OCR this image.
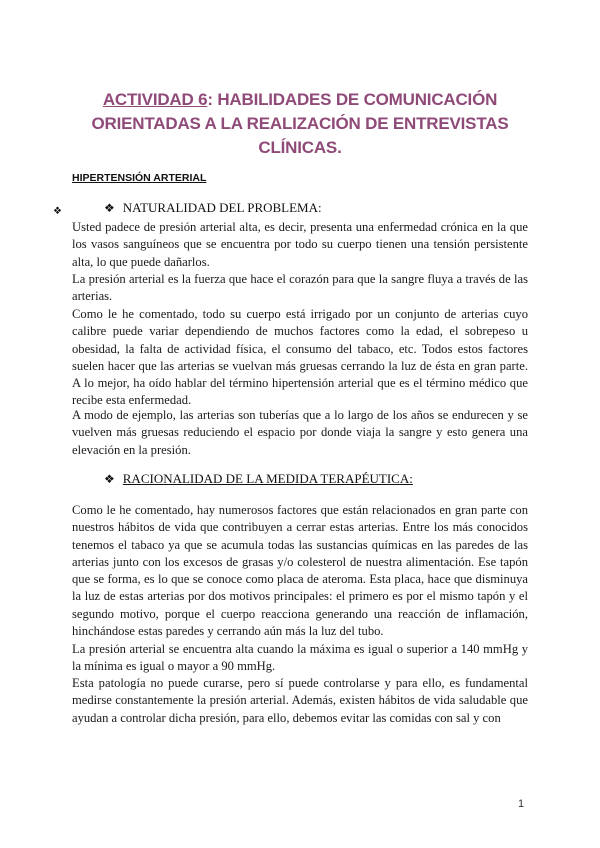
ACTIVIDAD 6: HABILIDADES DE COMUNICACIÓN ORIENTADAS A LA REALIZACIÓN DE ENTREVISTAS CLÍNICAS.
HIPERTENSIÓN ARTERIAL
❖	❖ NATURALIDAD DEL PROBLEMA:

Usted padece de presión arterial alta, es decir, presenta una enfermedad crónica en la que los vasos sanguíneos que se encuentra por todo su cuerpo tienen una tensión persistente alta, lo que puede dañarlos.

La presión arterial es la fuerza que hace el corazón para que la sangre fluya a través de las arterias.

Como le he comentado, todo su cuerpo está irrigado por un conjunto de arterias cuyo calibre puede variar dependiendo de muchos factores como la edad, el sobrepeso u obesidad, la falta de actividad física, el consumo del tabaco, etc. Todos estos factores suelen hacer que las arterias se vuelvan más gruesas cerrando la luz de ésta en gran parte. A lo mejor, ha oído hablar del término hipertensión arterial que es el término médico que recibe esta enfermedad.

A modo de ejemplo, las arterias son tuberías que a lo largo de los años se endurecen y se vuelven más gruesas reduciendo el espacio por donde viaja la sangre y esto genera una elevación en la presión.

❖ RACIONALIDAD DE LA MEDIDA TERAPÉUTICA:

Como le he comentado, hay numerosos factores que están relacionados en gran parte con nuestros hábitos de vida que contribuyen a cerrar estas arterias. Entre los más conocidos tenemos el tabaco ya que se acumula todas las sustancias químicas en las paredes de las arterias junto con los excesos de grasas y/o colesterol de nuestra alimentación. Ese tapón que se forma, es lo que se conoce como placa de ateroma. Esta placa, hace que disminuya la luz de estas arterias por dos motivos principales: el primero es por el mismo tapón y el segundo motivo, porque el cuerpo reacciona generando una reacción de inflamación, hinchándose estas paredes y cerrando aún más la luz del tubo.

La presión arterial se encuentra alta cuando la máxima es igual o superior a 140 mmHg y la mínima es igual o mayor a 90 mmHg.

Esta patología no puede curarse, pero sí puede controlarse y para ello, es fundamental medirse constantemente la presión arterial. Además, existen hábitos de vida saludable que ayudan a controlar dicha presión, para ello, debemos evitar las comidas con sal y con

1
